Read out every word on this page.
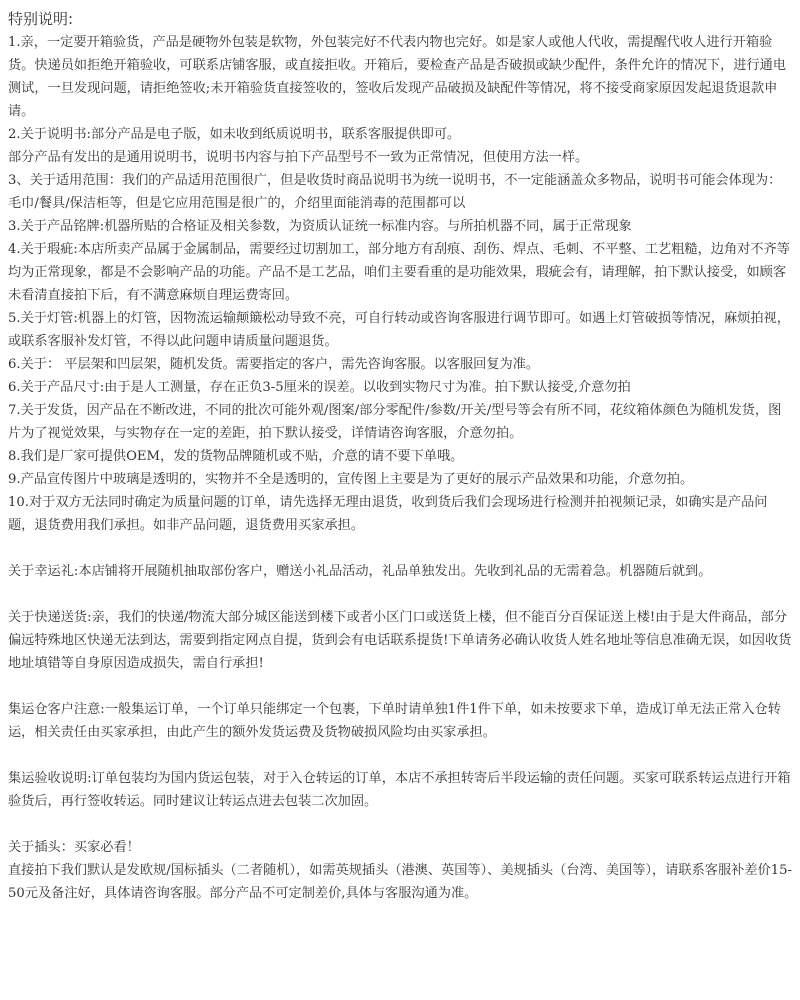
特别说明:

1.亲，一定要开箱验货，产品是硬物外包装是软物，外包装完好不代表内物也完好。如是家人或他人代收，需提醒代收人进行开箱验货。快递员如拒绝开箱验收，可联系店铺客服，或直接拒收。开箱后，要检查产品是否破损或缺少配件，条件允许的情况下，进行通电测试，一旦发现问题，请拒绝签收;未开箱验货直接签收的，签收后发现产品破损及缺配件等情况，将不接受商家原因发起退货退款申请。

2.关于说明书:部分产品是电子版，如未收到纸质说明书，联系客服提供即可。

部分产品有发出的是通用说明书，说明书内容与拍下产品型号不一致为正常情况，但使用方法一样。

3、关于适用范围：我们的产品适用范围很广，但是收货时商品说明书为统一说明书，不一定能涵盖众多物品，说明书可能会体现为：毛巾/餐具/保洁柜等，但是它应用范围是很广的，介绍里面能消毒的范围都可以

3.关于产品铭牌:机器所贴的合格证及相关参数，为资质认证统一标准内容。与所拍机器不同，属于正常现象

4.关于瑕疵:本店所卖产品属于金属制品，需要经过切割加工，部分地方有刮痕、刮伤、焊点、毛刺、不平整、工艺粗糙，边角对不齐等均为正常现象，都是不会影响产品的功能。产品不是工艺品，咱们主要看重的是功能效果，瑕疵会有，请理解，拍下默认接受，如顾客未看清直接拍下后，有不满意麻烦自理运费寄回。

5.关于灯管:机器上的灯管，因物流运输颠簸松动导致不亮，可自行转动或咨询客服进行调节即可。如遇上灯管破损等情况，麻烦拍视，或联系客服补发灯管，不得以此问题申请质量问题退货。

6.关于： 平层架和凹层架，随机发货。需要指定的客户，需先咨询客服。以客服回复为准。

6.关于产品尺寸:由于是人工测量，存在正负3-5厘米的误差。以收到实物尺寸为准。拍下默认接受,介意勿拍

7.关于发货，因产品在不断改进，不同的批次可能外观/图案/部分零配件/参数/开关/型号等会有所不同，花纹箱体颜色为随机发货，图片为了视觉效果，与实物存在一定的差距，拍下默认接受，详情请咨询客服，介意勿拍。

8.我们是厂家可提供OEM，发的货物品牌随机或不贴，介意的请不要下单哦。

9.产品宣传图片中玻璃是透明的，实物并不全是透明的，宣传图上主要是为了更好的展示产品效果和功能，介意勿拍。

10.对于双方无法同时确定为质量问题的订单，请先选择无理由退货，收到货后我们会现场进行检测并拍视频记录，如确实是产品问题，退货费用我们承担。如非产品问题，退货费用买家承担。

关于幸运礼:本店铺将开展随机抽取部份客户，赠送小礼品活动，礼品单独发出。先收到礼品的无需着急。机器随后就到。

关于快递送货:亲，我们的快递/物流大部分城区能送到楼下或者小区门口或送货上楼，但不能百分百保证送上楼!由于是大件商品，部分偏远特殊地区快递无法到达，需要到指定网点自提，货到会有电话联系提货!下单请务必确认收货人姓名地址等信息准确无误，如因收货地址填错等自身原因造成损失，需自行承担!

集运仓客户注意:一般集运订单，一个订单只能绑定一个包裹，下单时请单独1件1件下单，如未按要求下单，造成订单无法正常入仓转运，相关责任由买家承担，由此产生的额外发货运费及货物破损风险均由买家承担。

集运验收说明:订单包装均为国内货运包装，对于入仓转运的订单，本店不承担转寄后半段运输的责任问题。买家可联系转运点进行开箱验货后，再行签收转运。同时建议让转运点进去包装二次加固。

关于插头：买家必看！

直接拍下我们默认是发欧规/国标插头（二者随机），如需英规插头（港澳、英国等）、美规插头（台湾、美国等），请联系客服补差价15-50元及备注好，具体请咨询客服。部分产品不可定制差价,具体与客服沟通为准。
